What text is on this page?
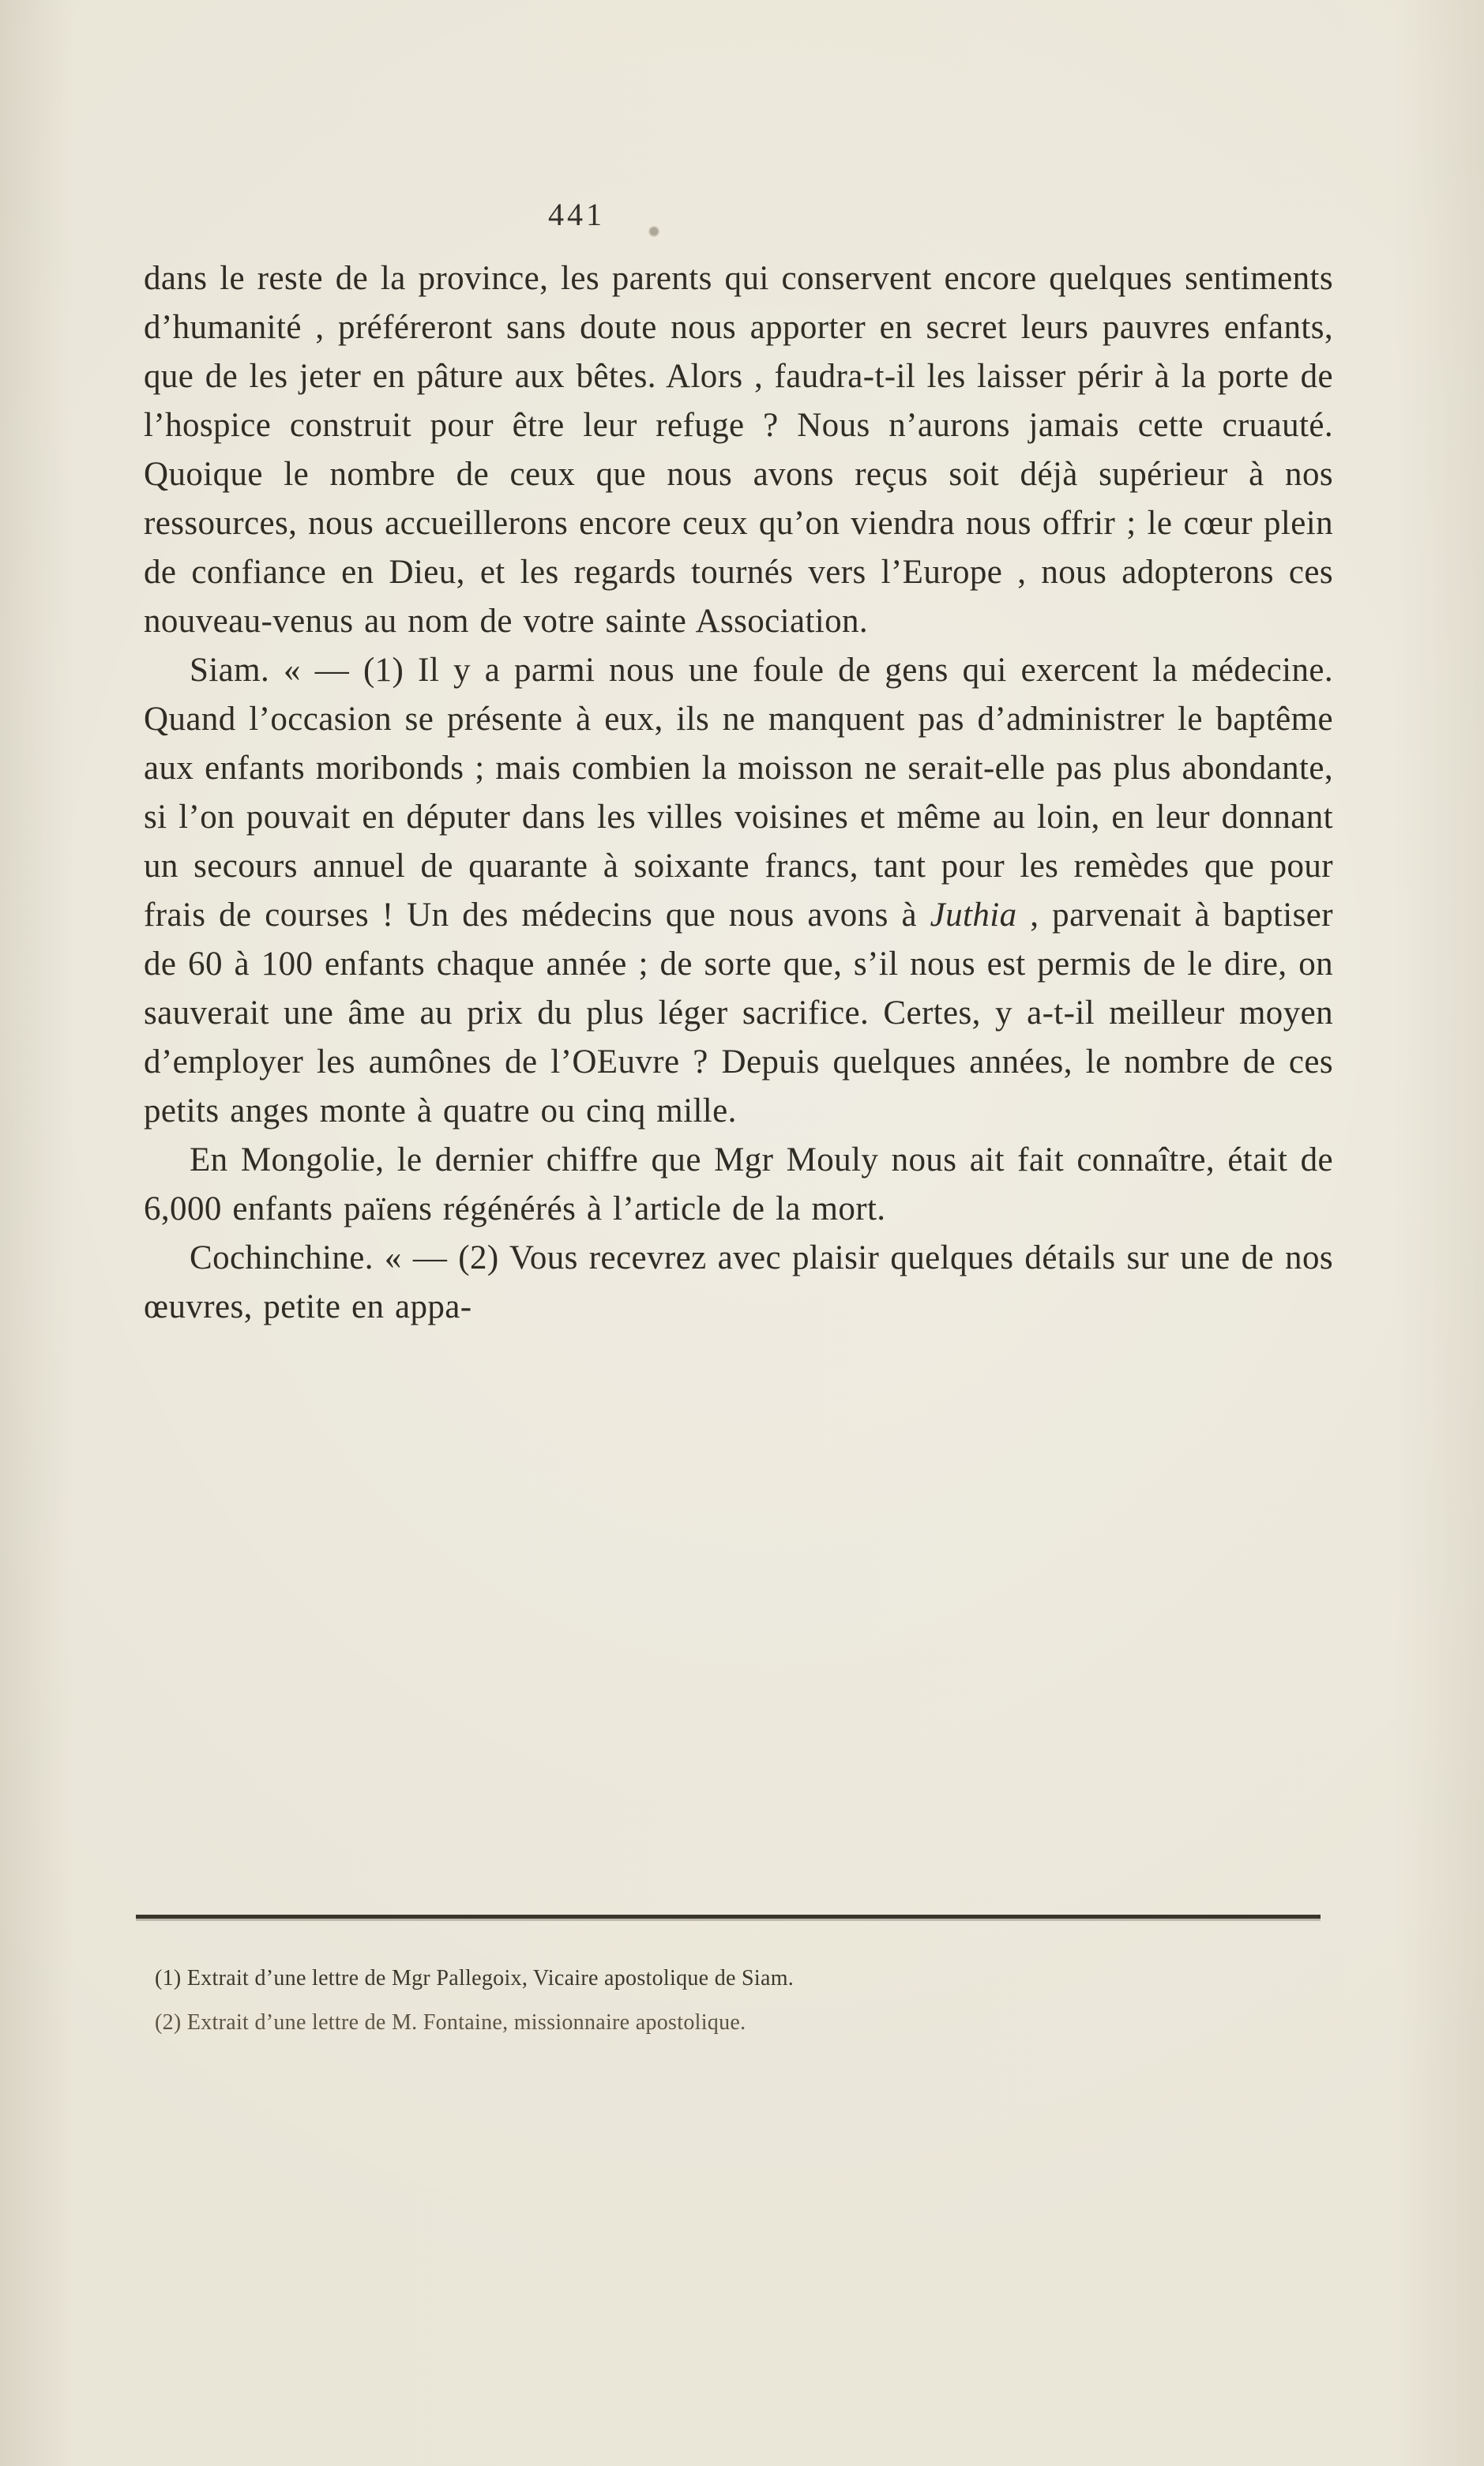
441

dans le reste de la province, les parents qui conservent encore quelques sentiments d’humanité , préféreront sans doute nous apporter en secret leurs pauvres enfants, que de les jeter en pâture aux bêtes. Alors , faudra-t-il les laisser périr à la porte de l’hospice construit pour être leur refuge ? Nous n’aurons jamais cette cruauté. Quoique le nombre de ceux que nous avons reçus soit déjà supérieur à nos ressources, nous accueillerons encore ceux qu’on viendra nous offrir ; le cœur plein de confiance en Dieu, et les regards tournés vers l’Europe , nous adopterons ces nouveau-venus au nom de votre sainte Association.

Siam. « — (1) Il y a parmi nous une foule de gens qui exercent la médecine. Quand l’occasion se présente à eux, ils ne manquent pas d’administrer le baptême aux enfants moribonds ; mais combien la moisson ne serait-elle pas plus abondante, si l’on pouvait en députer dans les villes voisines et même au loin, en leur donnant un secours annuel de quarante à soixante francs, tant pour les remèdes que pour frais de courses ! Un des médecins que nous avons à Juthia , parvenait à baptiser de 60 à 100 enfants chaque année ; de sorte que, s’il nous est permis de le dire, on sauverait une âme au prix du plus léger sacrifice. Certes, y a-t-il meilleur moyen d’employer les aumônes de l’OEuvre ? Depuis quelques années, le nombre de ces petits anges monte à quatre ou cinq mille.

En Mongolie, le dernier chiffre que Mgr Mouly nous ait fait connaître, était de 6,000 enfants païens régénérés à l’article de la mort.

Cochinchine. « — (2) Vous recevrez avec plaisir quelques détails sur une de nos œuvres, petite en appa-

(1) Extrait d’une lettre de Mgr Pallegoix, Vicaire apostolique de Siam.

(2) Extrait d’une lettre de M. Fontaine, missionnaire apostolique.
